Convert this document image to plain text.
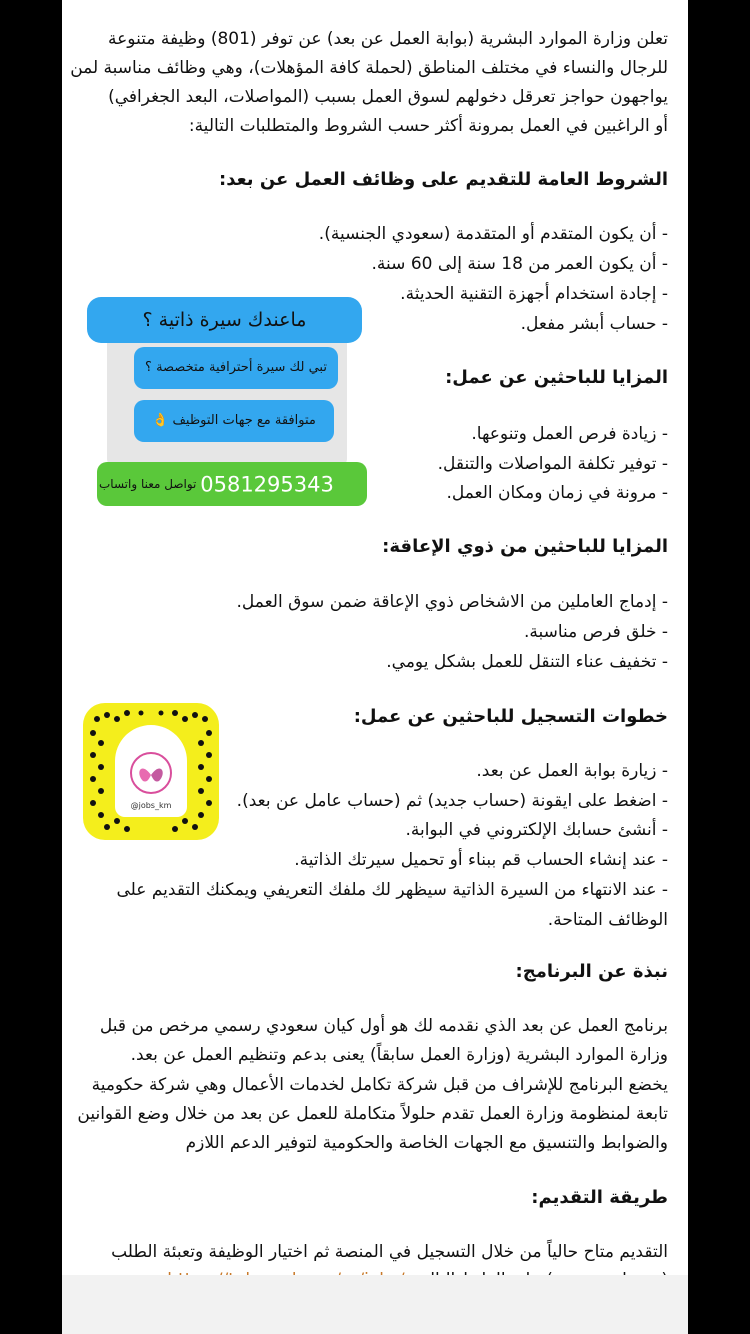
تعلن وزارة الموارد البشرية (بوابة العمل عن بعد) عن توفر (801) وظيفة متنوعة
للرجال والنساء في مختلف المناطق (لحملة كافة المؤهلات)، وهي وظائف مناسبة لمن
يواجهون حواجز تعرقل دخولهم لسوق العمل بسبب (المواصلات، البعد الجغرافي)
أو الراغبين في العمل بمرونة أكثر حسب الشروط والمتطلبات التالية:
الشروط العامة للتقديم على وظائف العمل عن بعد:
- أن يكون المتقدم أو المتقدمة (سعودي الجنسية).
- أن يكون العمر من 18 سنة إلى 60 سنة.
- إجادة استخدام أجهزة التقنية الحديثة.
- حساب أبشر مفعل.
المزايا للباحثين عن عمل:
- زيادة فرص العمل وتنوعها.
- توفير تكلفة المواصلات والتنقل.
- مرونة في زمان ومكان العمل.
المزايا للباحثين من ذوي الإعاقة:
- إدماج العاملين من الاشخاص ذوي الإعاقة ضمن سوق العمل.
- خلق فرص مناسبة.
- تخفيف عناء التنقل للعمل بشكل يومي.
خطوات التسجيل للباحثين عن عمل:
- زيارة بوابة العمل عن بعد.
- اضغط على ايقونة (حساب جديد) ثم (حساب عامل عن بعد).
- أنشئ حسابك الإلكتروني في البوابة.
- عند إنشاء الحساب قم ببناء أو تحميل سيرتك الذاتية.
- عند الانتهاء من السيرة الذاتية سيظهر لك ملفك التعريفي ويمكنك التقديم على
الوظائف المتاحة.
نبذة عن البرنامج:
برنامج العمل عن بعد الذي نقدمه لك هو أول كيان سعودي رسمي مرخص من قبل
وزارة الموارد البشرية (وزارة العمل سابقاً) يعنى بدعم وتنظيم العمل عن بعد.
يخضع البرنامج للإشراف من قبل شركة تكامل لخدمات الأعمال وهي شركة حكومية
تابعة لمنظومة وزارة العمل تقدم حلولاً متكاملة للعمل عن بعد من خلال وضع القوانين
والضوابط والتنسيق مع الجهات الخاصة والحكومية لتوفير الدعم اللازم
طريقة التقديم:
التقديم متاح حالياً من خلال التسجيل في المنصة ثم اختيار الوظيفة وتعبئة الطلب
ماعندك سيرة ذاتية ؟
تبي لك سيرة أحترافية متخصصة ؟
متوافقة مع جهات التوظيف 👌
0581295343 تواصل معنا واتساب
@jobs_km
